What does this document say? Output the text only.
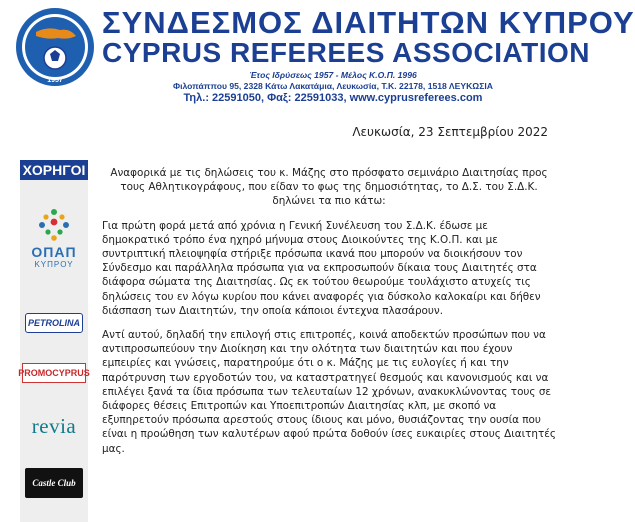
1957
ΣΥΝΔΕΣΜΟΣ ΔΙΑΙΤΗΤΩΝ ΚΥΠΡΟΥ
CYPRUS REFEREES ASSOCIATION
Έτος Ιδρύσεως 1957 - Μέλος Κ.Ο.Π. 1996
Φιλοπάππου 95, 2328 Κάτω Λακατάμια, Λευκωσία, Τ.Κ. 22178, 1518 ΛΕΥΚΩΣΙΑ
Τηλ.: 22591050, Φαξ: 22591033, www.cyprusreferees.com
Λευκωσία, 23 Σεπτεμβρίου 2022
ΧΟΡΗΓΟΙ
ΟΠΑΠ
ΚΥΠΡΟΥ
PETROLINA
PROMOCYPRUS
revia
Castle Club

Αναφορικά με τις δηλώσεις του κ. Μάζης στο πρόσφατο σεμινάριο Διαιτησίας προς τους Αθλητικογράφους, που είδαν το φως της δημοσιότητας, το Δ.Σ. του Σ.Δ.Κ. δηλώνει τα πιο κάτω:

Για πρώτη φορά μετά από χρόνια η Γενική Συνέλευση του Σ.Δ.Κ. έδωσε με δημοκρατικό τρόπο ένα ηχηρό μήνυμα στους Διοικούντες της Κ.Ο.Π. και με συντριπτική πλειοψηφία στήριξε πρόσωπα ικανά που μπορούν να διοικήσουν τον Σύνδεσμο και παράλληλα πρόσωπα για να εκπροσωπούν δίκαια τους Διαιτητές στα διάφορα σώματα της Διαιτησίας. Ως εκ τούτου θεωρούμε τουλάχιστο ατυχείς τις δηλώσεις του εν λόγω κυρίου που κάνει αναφορές για δύσκολο καλοκαίρι και δήθεν διάσπαση των Διαιτητών, την οποία κάποιοι έντεχνα πλασάρουν.

Αντί αυτού, δηλαδή την επιλογή στις επιτροπές, κοινά αποδεκτών προσώπων που να αντιπροσωπεύουν την Διοίκηση και την ολότητα των διαιτητών και που έχουν εμπειρίες και γνώσεις, παρατηρούμε ότι ο κ. Μάζης με τις ευλογίες ή και την παρότρυνση των εργοδοτών του, να καταστρατηγεί θεσμούς και κανονισμούς και να επιλέγει ξανά τα ίδια πρόσωπα των τελευταίων 12 χρόνων, ανακυκλώνοντας τους σε διάφορες θέσεις Επιτροπών και Υποεπιτροπών Διαιτησίας κλπ, με σκοπό να εξυπηρετούν πρόσωπα αρεστούς στους ίδιους και μόνο, θυσιάζοντας την ουσία που είναι η προώθηση των καλυτέρων αφού πρώτα δοθούν ίσες ευκαιρίες στους Διαιτητές μας.
